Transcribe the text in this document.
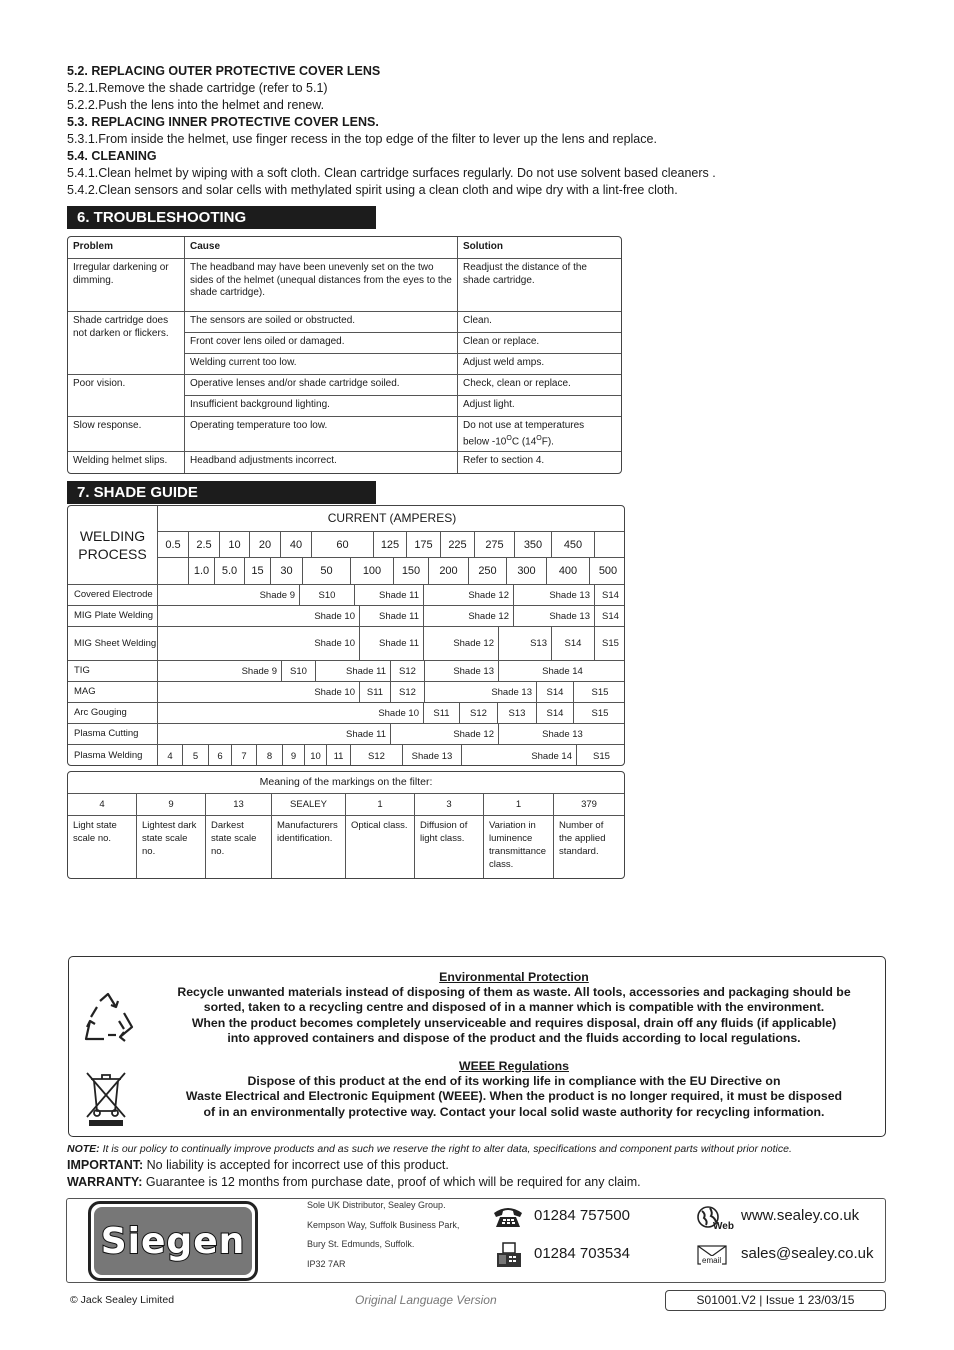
5.2. REPLACING OUTER PROTECTIVE COVER LENS
5.2.1.Remove the shade cartridge (refer to 5.1)
5.2.2.Push the lens into the helmet and renew.
5.3. REPLACING INNER PROTECTIVE COVER LENS.
5.3.1.From inside the helmet, use finger recess in the top edge of the filter to lever up the lens and replace.
5.4. CLEANING
5.4.1.Clean helmet by wiping with a soft cloth. Clean cartridge surfaces regularly. Do not use solvent based cleaners .
5.4.2.Clean sensors and solar cells with methylated spirit using a clean cloth and wipe dry with a lint-free cloth.
6. TROUBLESHOOTING
Problem	Cause	Solution
Irregular darkening or dimming.	The headband may have been unevenly set on the two sides of the helmet (unequal distances from the eyes to the shade cartridge).	Readjust the distance of the shade cartridge.
Shade cartridge does not darken or flickers.	The sensors are soiled or obstructed.	Clean.
	Front cover lens oiled or damaged.	Clean or replace.
	Welding current too low.	Adjust weld amps.
Poor vision.	Operative lenses and/or shade cartridge soiled.	Check, clean or replace.
	Insufficient background lighting.	Adjust light.
Slow response.	Operating temperature too low.	Do not use at temperatures
below $-10^OC$ $(14^OF)$.
Welding helmet slips.	Headband adjustments incorrect.	Refer to section 4.
7. SHADE GUIDE
WELDING PROCESS
CURRENT (AMPERES)
0.5	2.5	10	20	40	60	125	175	225	275	350	450
1.0	5.0	15	30	50	100	150	200	250	300	400	500
Covered Electrode	Shade 9	S10	Shade 11	Shade 12	Shade 13	S14
MIG Plate Welding	Shade 10	Shade 11	Shade 12	Shade 13	S14
MIG Sheet Welding	Shade 10	Shade 11	Shade 12	S13	S14	S15
TIG	Shade 9	S10	Shade 11	S12	Shade 13	Shade 14
MAG	Shade 10	S11	S12	Shade 13	S14	S15
Arc Gouging	Shade 10	S11	S12	S13	S14	S15
Plasma Cutting	Shade 11	Shade 12	Shade 13
Plasma Welding	4	5	6	7	8	9	10	11	S12	Shade 13	Shade 14	S15
Meaning of the markings on the filter:							
4	9	13	SEALEY	1	3	1	379
Light state scale no.	Lightest dark state scale no.	Darkest state scale no.	Manufacturers identification.	Optical class.	Diffusion of light class.	Variation in luminence transmittance class.	Number of the applied standard.
Environmental Protection
Recycle unwanted materials instead of disposing of them as waste. All tools, accessories and packaging should be
sorted, taken to a recycling centre and disposed of in a manner which is compatible with the environment.
When the product becomes completely unserviceable and requires disposal, drain off any fluids (if applicable)
into approved containers and dispose of the product and the fluids according to local regulations.
WEEE Regulations
Dispose of this product at the end of its working life in compliance with the EU Directive on
Waste Electrical and Electronic Equipment (WEEE). When the product is no longer required, it must be disposed
of in an environmentally protective way. Contact your local solid waste authority for recycling information.
NOTE: It is our policy to continually improve products and as such we reserve the right to alter data, specifications and component parts without prior notice.
IMPORTANT: No liability is accepted for incorrect use of this product.
WARRANTY: Guarantee is 12 months from purchase date, proof of which will be required for any claim.
Siegen
Sole UK Distributor, Sealey Group.
Kempson Way, Suffolk Business Park,
Bury St. Edmunds, Suffolk.
IP32 7AR
01284 757500
01284 703534
Web
www.sealey.co.uk
email sales@sealey.co.uk
© Jack Sealey Limited	Original Language Version	S01001.V2 | Issue 1 23/03/15
